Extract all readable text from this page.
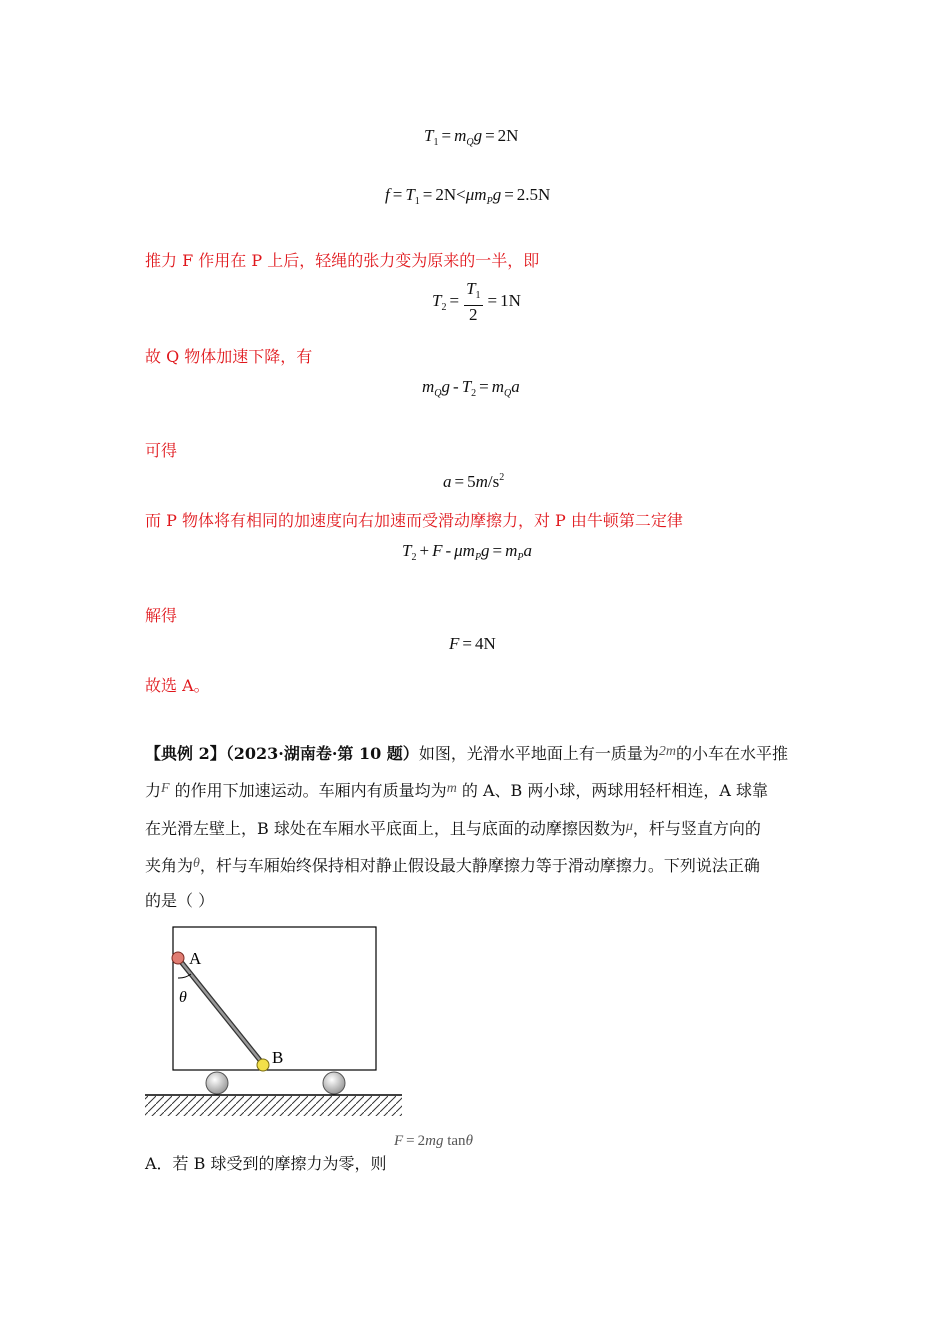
$T_1 = m_Qg = 2N$
$f = T_1 = 2N<\mu m_Pg = 2.5N$
推力 F 作用在 P 上后，轻绳的张力变为原来的一半，即
$T_2 = \frac{T_1}{2} = 1N$
故 Q 物体加速下降，有
$m_Qg - T_2 = m_Qa$
可得
$a = 5m/s^2$
而 P 物体将有相同的加速度向右加速而受滑动摩擦力，对 P 由牛顿第二定律
$T_2 + F - \mu m_Pg = m_Pa$
解得
F = 4N
故选 A。
【典例 2】（2023·湖南卷·第 10 题）如图，光滑水平地面上有一质量为2m的小车在水平推
力F 的作用下加速运动。车厢内有质量均为m 的 A、B 两小球，两球用轻杆相连，A 球靠
在光滑左壁上，B 球处在车厢水平底面上，且与底面的动摩擦因数为μ，杆与竖直方向的
夹角为θ，杆与车厢始终保持相对静止假设最大静摩擦力等于滑动摩擦力。下列说法正确
的是（ ）
A
B
θ
A．若 B 球受到的摩擦力为零，则
F = 2mg tanθ
